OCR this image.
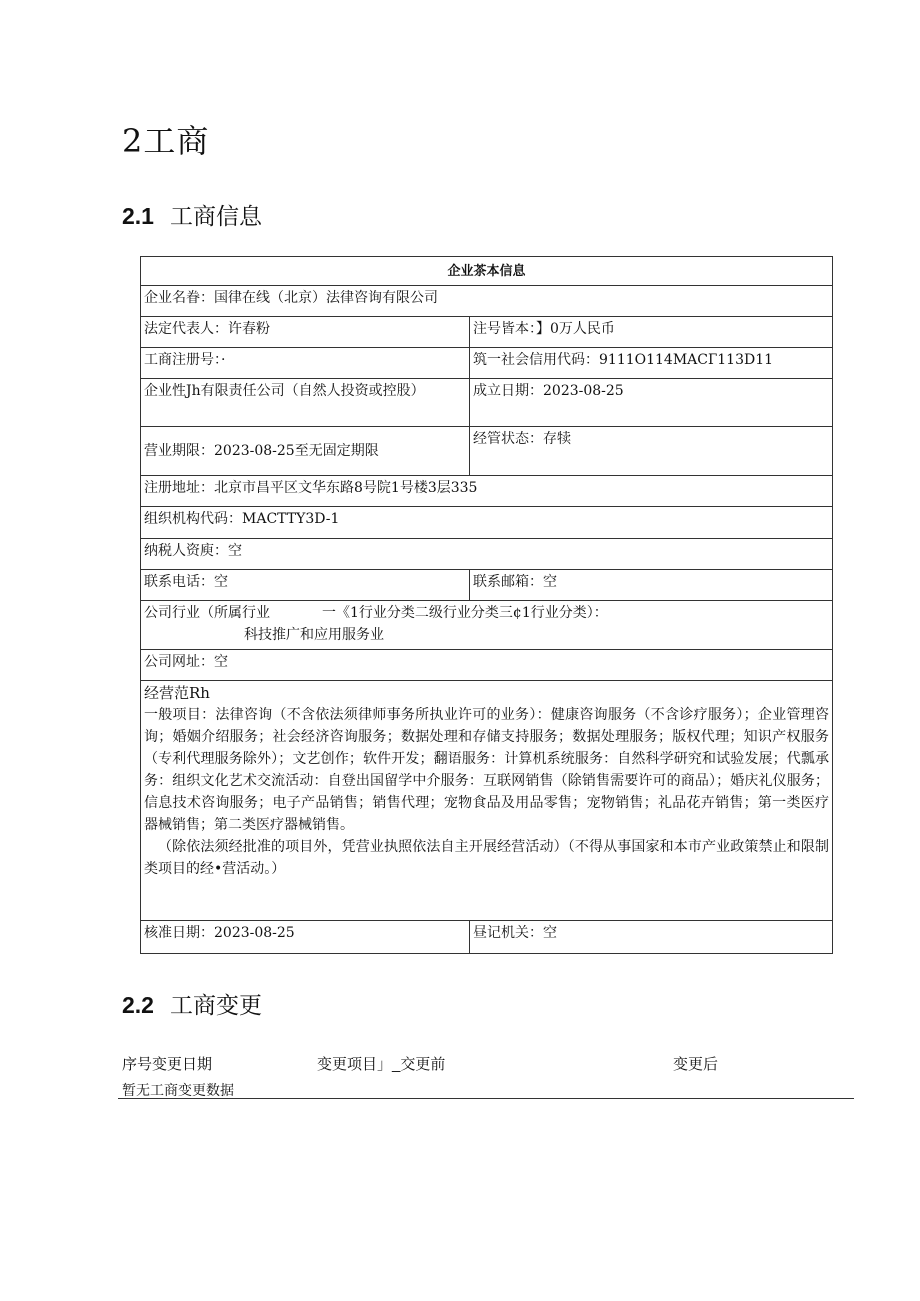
2工商
2.1 工商信息
企业茶本信息	
企业名眷：国律在线（北京）法律咨询有限公司	
法定代表人：许春粉	注号皆本：】0万人民币
工商注册号：·	筑一社会信用代码：9111O114MACГ113D11
企业性Jh有限责任公司（自然人投资或控股）	成立日期：2023-08-25
营业期限：2023-08-25至无固定期限	经管状态：存犊
注册地址：北京市昌平区文华东路8号院1号楼3层335	
组织机构代码：MACTTY3D-1	
纳税人资庾：空	
联系电话：空	联系邮箱：空
公司行业（所属行业 一《1行业分类二级行业分类三¢1行业分类）：
科技推广和应用服务业	

公司网址：空	

经营范Rh
一般项目：法律咨询（不含依法须律师事务所执业许可的业务）：健康咨询服务（不含诊疗服务）；企业管理咨询；婚姻介绍服务；社会经济咨询服务；数据处理和存储支持服务；数据处理服务；版权代理；知识产权服务（专利代理服务除外）；文艺创作；软件开发；翻语服务：计算机系统服务：自然科学研究和试验发展；代瓢承务：组织文化艺术交流活动：自登出国留学中介服务：互联网销售（除销售需要许可的商品）；婚庆礼仪服务；信息技术咨询服务；电子产品销售；销售代理；宠物食品及用品零售；宠物销售；礼品花卉销售；第一类医疗器械销售；第二类医疗器械销售。
（除依法须经批准的项目外，凭营业执照依法自主开展经营活动）（不得从事国家和本市产业政策禁止和限制类项目的经•营活动。）	

核准日期：2023-08-25	昼记机关：空
2.2 工商变更
序号变更日期	变更项目」_交更前	变更后
暂无工商变更数据
